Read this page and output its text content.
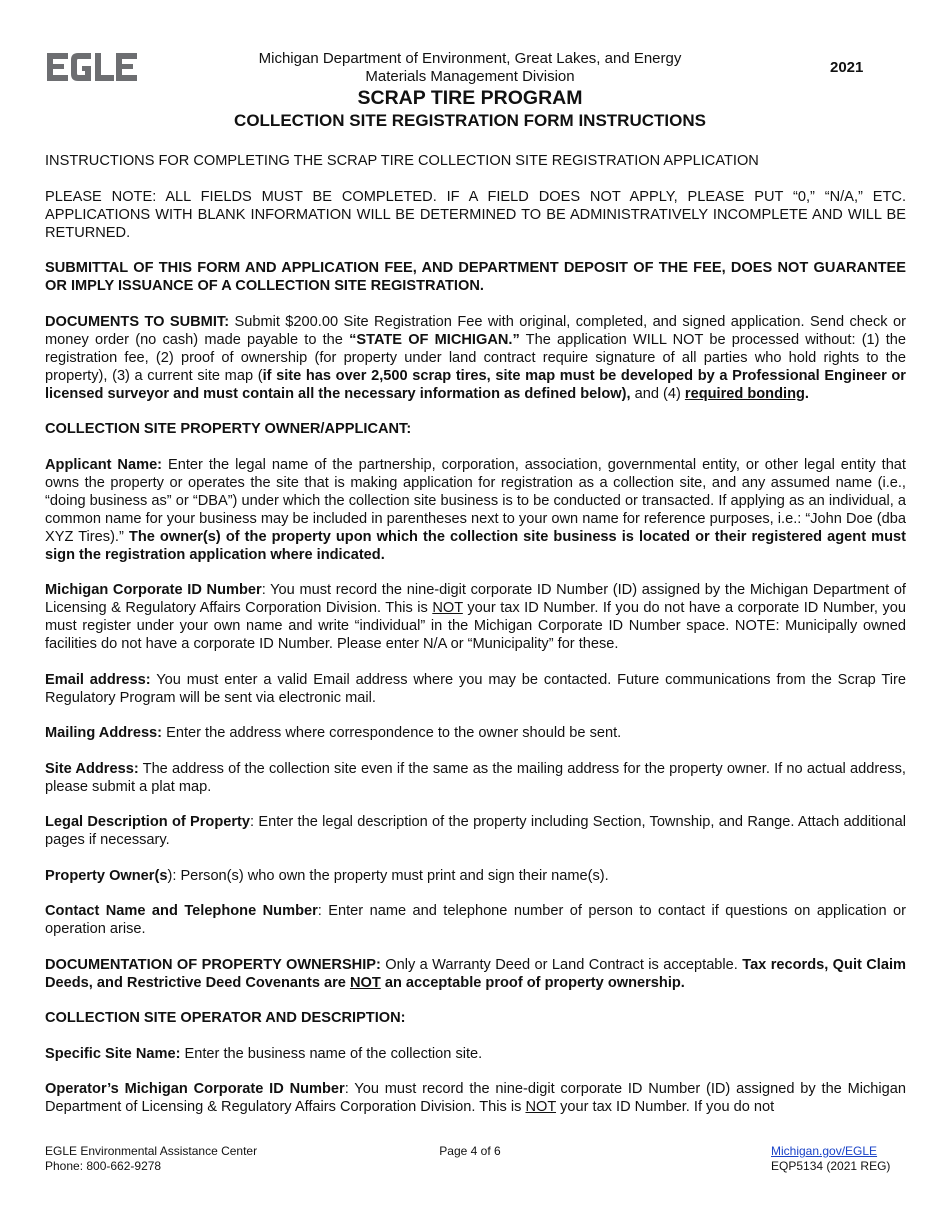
Michigan Department of Environment, Great Lakes, and Energy
Materials Management Division
2021
SCRAP TIRE PROGRAM
COLLECTION SITE REGISTRATION FORM INSTRUCTIONS

INSTRUCTIONS FOR COMPLETING THE SCRAP TIRE COLLECTION SITE REGISTRATION APPLICATION

PLEASE NOTE: ALL FIELDS MUST BE COMPLETED. IF A FIELD DOES NOT APPLY, PLEASE PUT “0,” “N/A,” ETC. APPLICATIONS WITH BLANK INFORMATION WILL BE DETERMINED TO BE ADMINISTRATIVELY INCOMPLETE AND WILL BE RETURNED.

SUBMITTAL OF THIS FORM AND APPLICATION FEE, AND DEPARTMENT DEPOSIT OF THE FEE, DOES NOT GUARANTEE OR IMPLY ISSUANCE OF A COLLECTION SITE REGISTRATION.

DOCUMENTS TO SUBMIT: Submit $200.00 Site Registration Fee with original, completed, and signed application. Send check or money order (no cash) made payable to the “STATE OF MICHIGAN.” The application WILL NOT be processed without: (1) the registration fee, (2) proof of ownership (for property under land contract require signature of all parties who hold rights to the property), (3) a current site map (if site has over 2,500 scrap tires, site map must be developed by a Professional Engineer or licensed surveyor and must contain all the necessary information as defined below), and (4) required bonding.

COLLECTION SITE PROPERTY OWNER/APPLICANT:

Applicant Name: Enter the legal name of the partnership, corporation, association, governmental entity, or other legal entity that owns the property or operates the site that is making application for registration as a collection site, and any assumed name (i.e., “doing business as” or “DBA”) under which the collection site business is to be conducted or transacted. If applying as an individual, a common name for your business may be included in parentheses next to your own name for reference purposes, i.e.: “John Doe (dba XYZ Tires).” The owner(s) of the property upon which the collection site business is located or their registered agent must sign the registration application where indicated.

Michigan Corporate ID Number: You must record the nine-digit corporate ID Number (ID) assigned by the Michigan Department of Licensing & Regulatory Affairs Corporation Division. This is NOT your tax ID Number. If you do not have a corporate ID Number, you must register under your own name and write “individual” in the Michigan Corporate ID Number space. NOTE: Municipally owned facilities do not have a corporate ID Number. Please enter N/A or “Municipality” for these.

Email address: You must enter a valid Email address where you may be contacted. Future communications from the Scrap Tire Regulatory Program will be sent via electronic mail.

Mailing Address: Enter the address where correspondence to the owner should be sent.

Site Address: The address of the collection site even if the same as the mailing address for the property owner. If no actual address, please submit a plat map.

Legal Description of Property: Enter the legal description of the property including Section, Township, and Range. Attach additional pages if necessary.

Property Owner(s): Person(s) who own the property must print and sign their name(s).

Contact Name and Telephone Number: Enter name and telephone number of person to contact if questions on application or operation arise.

DOCUMENTATION OF PROPERTY OWNERSHIP: Only a Warranty Deed or Land Contract is acceptable. Tax records, Quit Claim Deeds, and Restrictive Deed Covenants are NOT an acceptable proof of property ownership.

COLLECTION SITE OPERATOR AND DESCRIPTION:

Specific Site Name: Enter the business name of the collection site.

Operator’s Michigan Corporate ID Number: You must record the nine-digit corporate ID Number (ID) assigned by the Michigan Department of Licensing & Regulatory Affairs Corporation Division. This is NOT your tax ID Number. If you do not

EGLE Environmental Assistance Center
Phone: 800-662-9278
Page 4 of 6	Michigan.gov/EGLE
EQP5134 (2021 REG)
